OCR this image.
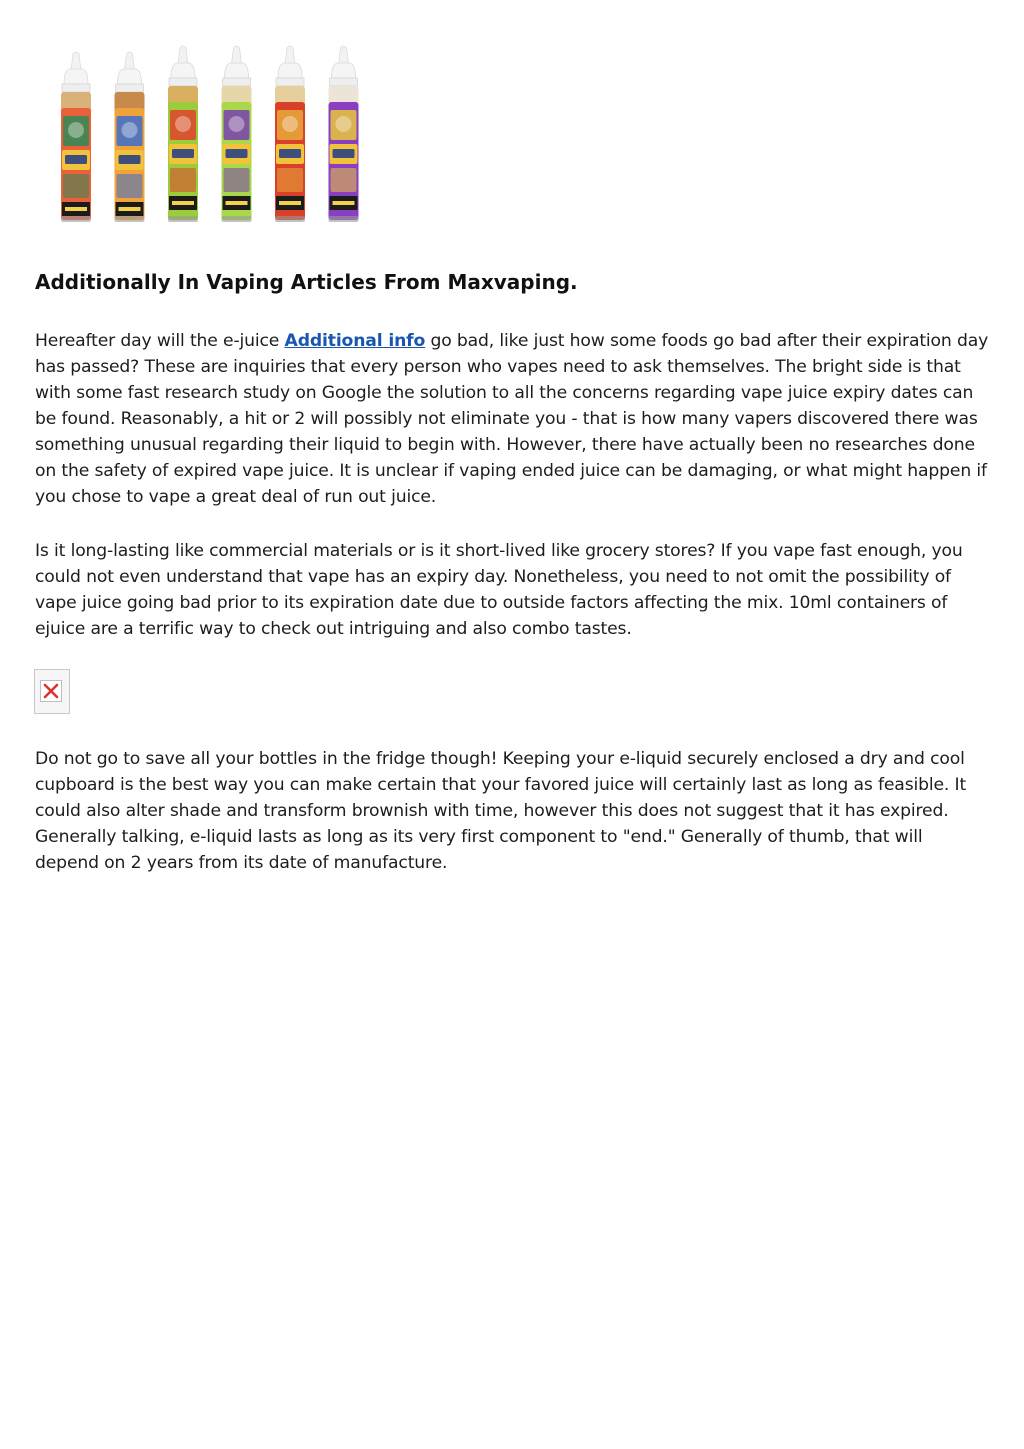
Additionally In Vaping Articles From Maxvaping.

Hereafter day will the e-juice Additional info go bad, like just how some foods go bad after their expiration day has passed? These are inquiries that every person who vapes need to ask themselves. The bright side is that with some fast research study on Google the solution to all the concerns regarding vape juice expiry dates can be found. Reasonably, a hit or 2 will possibly not eliminate you - that is how many vapers discovered there was something unusual regarding their liquid to begin with. However, there have actually been no researches done on the safety of expired vape juice. It is unclear if vaping ended juice can be damaging, or what might happen if you chose to vape a great deal of run out juice.

Is it long-lasting like commercial materials or is it short-lived like grocery stores? If you vape fast enough, you could not even understand that vape has an expiry day. Nonetheless, you need to not omit the possibility of vape juice going bad prior to its expiration date due to outside factors affecting the mix. 10ml containers of ejuice are a terrific way to check out intriguing and also combo tastes.

Do not go to save all your bottles in the fridge though! Keeping your e-liquid securely enclosed a dry and cool cupboard is the best way you can make certain that your favored juice will certainly last as long as feasible. It could also alter shade and transform brownish with time, however this does not suggest that it has expired. Generally talking, e-liquid lasts as long as its very first component to "end." Generally of thumb, that will depend on 2 years from its date of manufacture.
